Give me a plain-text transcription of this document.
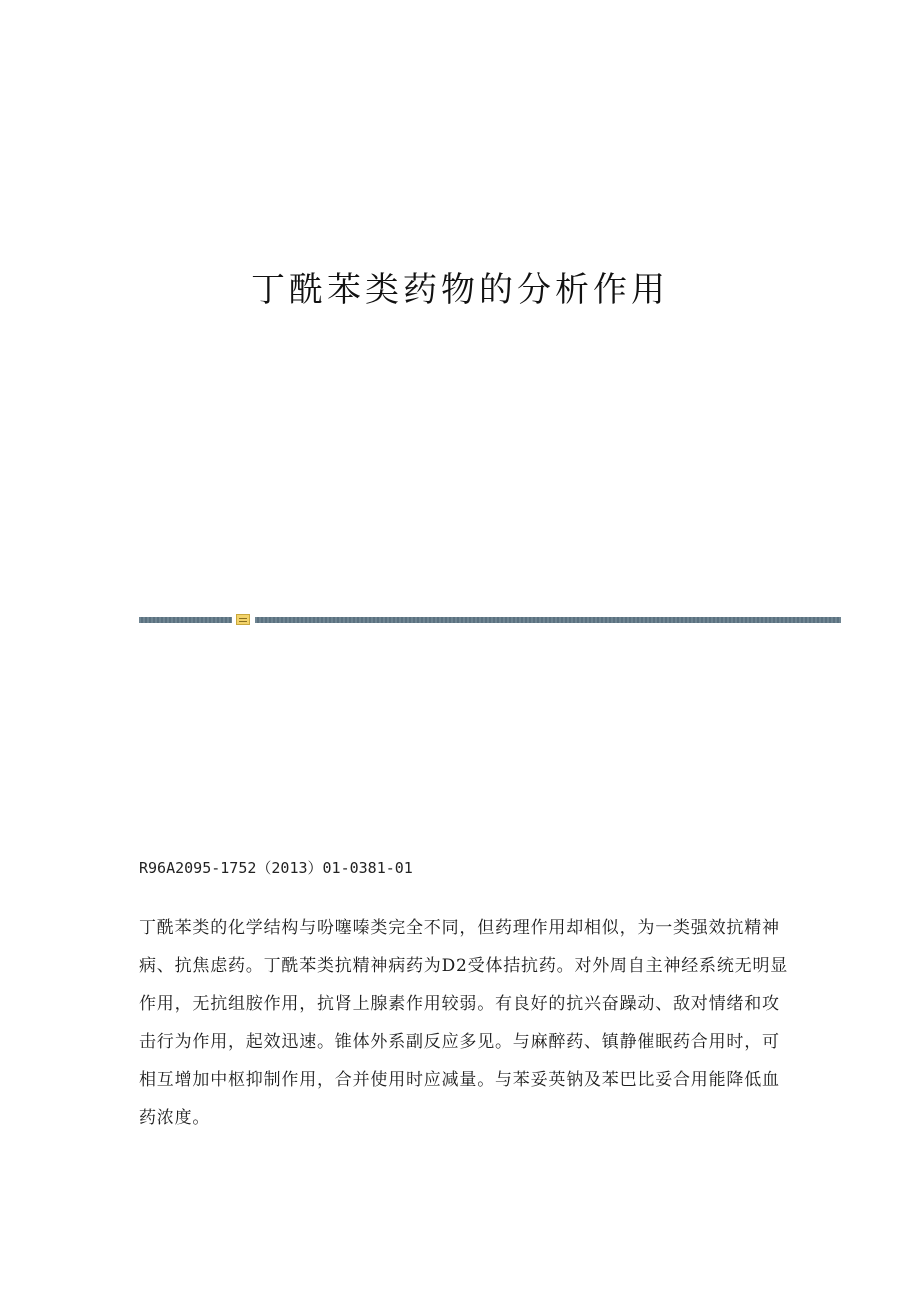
丁酰苯类药物的分析作用

R96A2095-1752（2013）01-0381-01

丁酰苯类的化学结构与吩噻嗪类完全不同，但药理作用却相似，为一类强效抗精神病、抗焦虑药。丁酰苯类抗精神病药为D2受体拮抗药。对外周自主神经系统无明显作用，无抗组胺作用，抗肾上腺素作用较弱。有良好的抗兴奋躁动、敌对情绪和攻击行为作用，起效迅速。锥体外系副反应多见。与麻醉药、镇静催眠药合用时，可相互增加中枢抑制作用，合并使用时应减量。与苯妥英钠及苯巴比妥合用能降低血药浓度。
